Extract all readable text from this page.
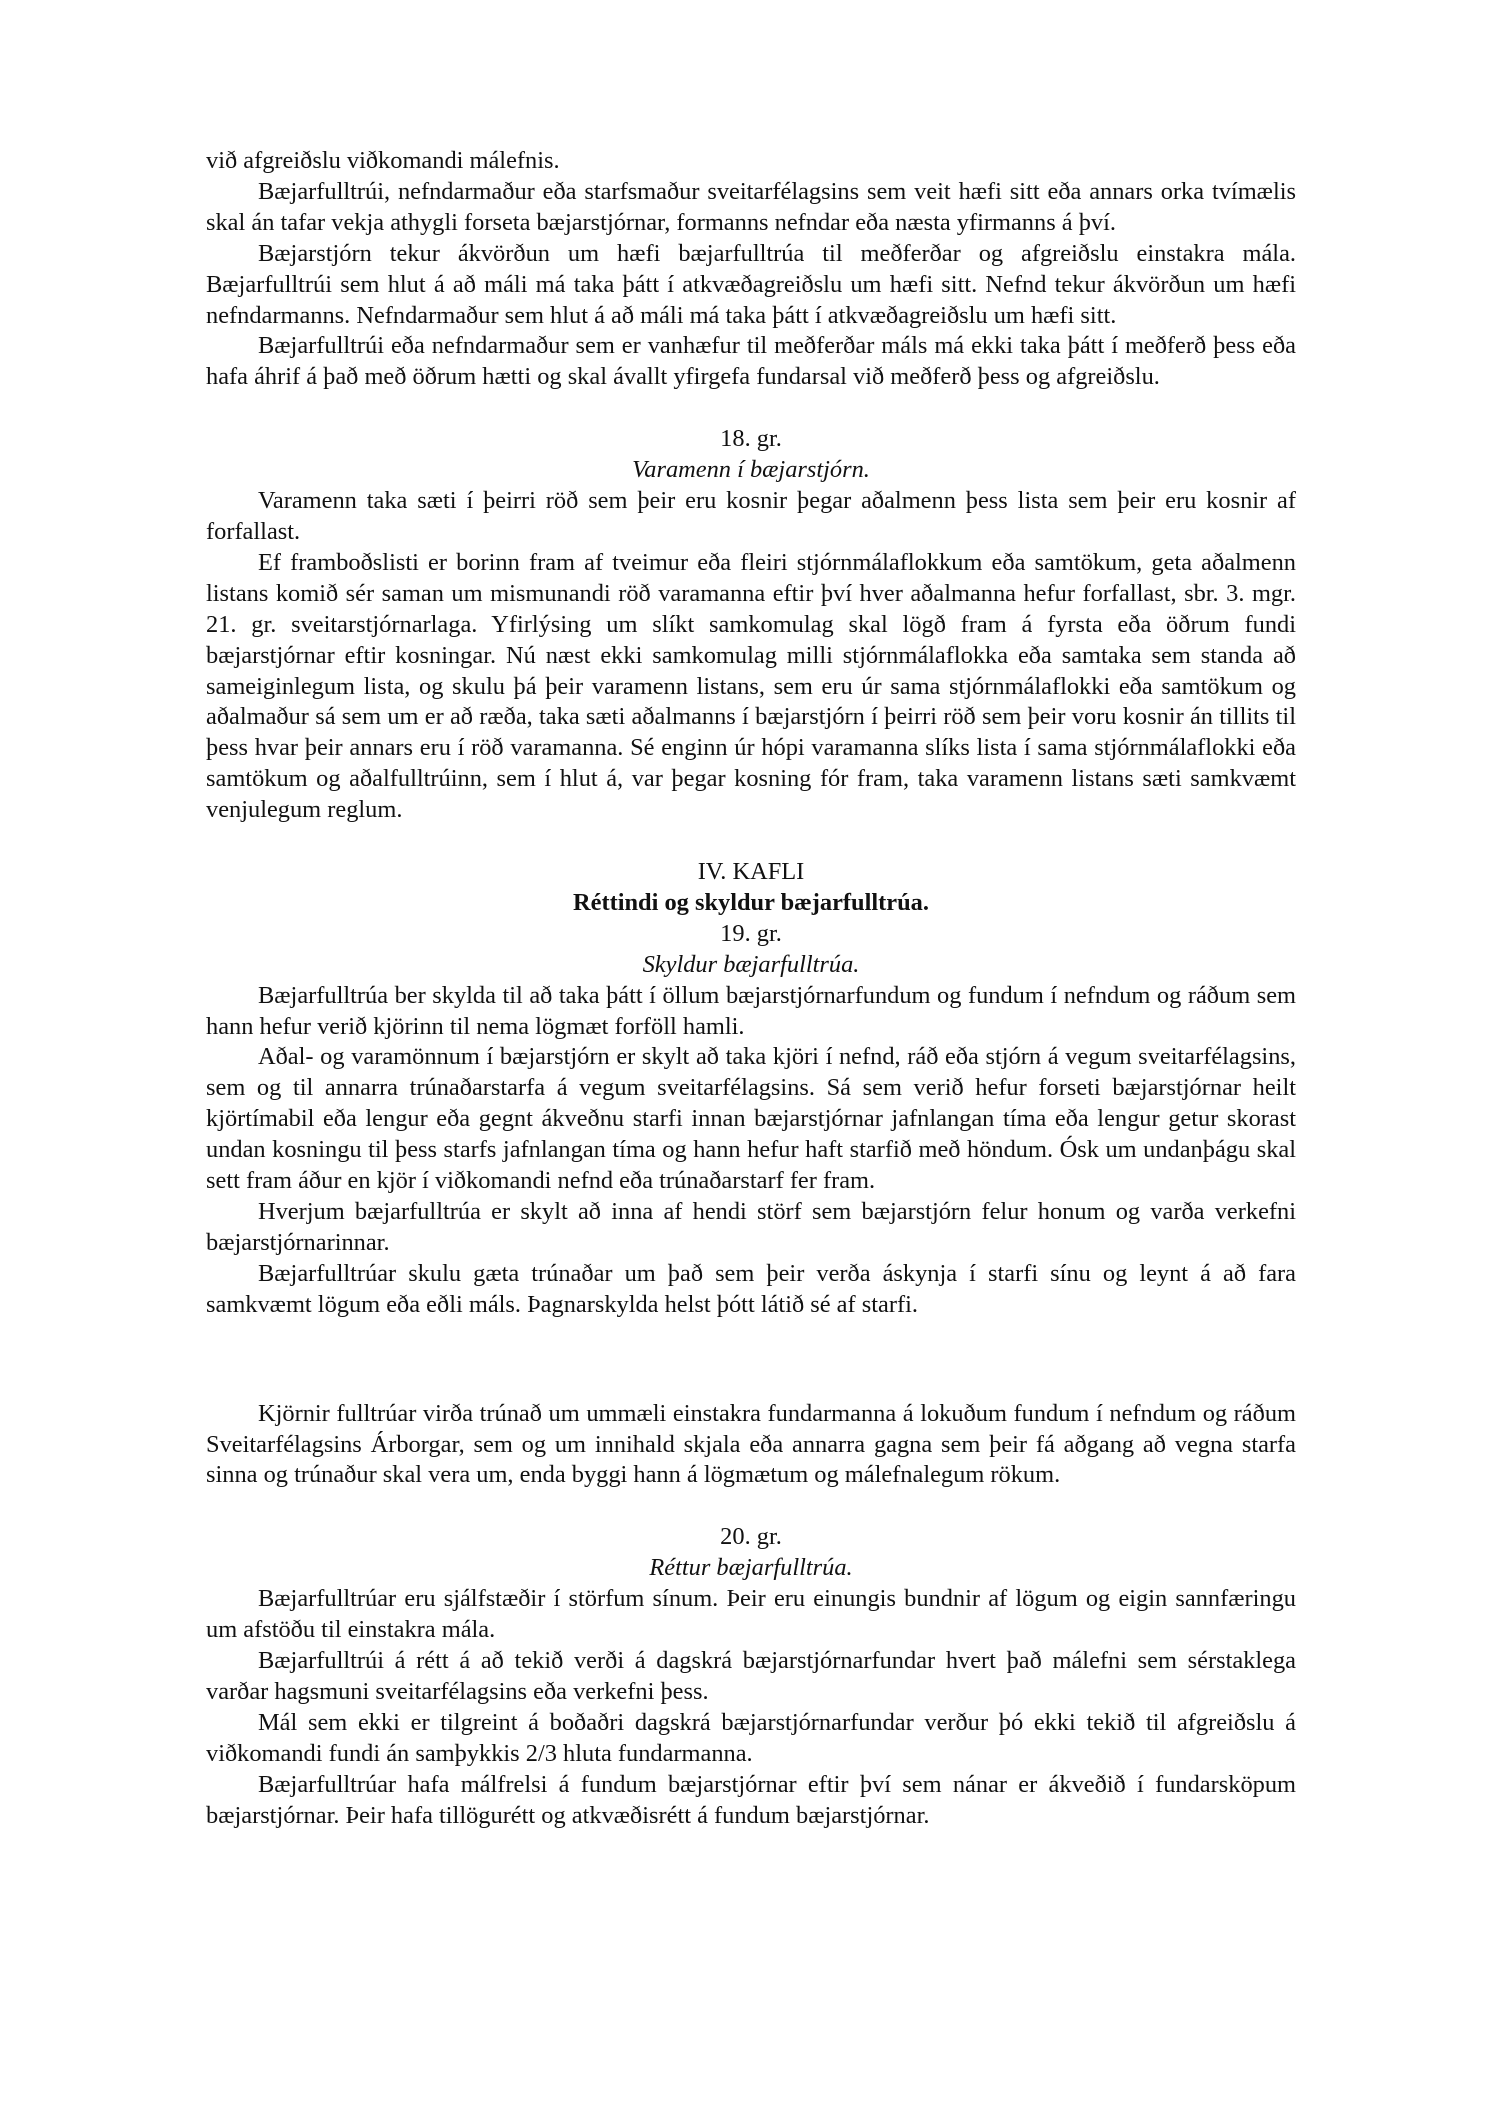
við afgreiðslu viðkomandi málefnis.

Bæjarfulltrúi, nefndarmaður eða starfsmaður sveitarfélagsins sem veit hæfi sitt eða annars orka tvímælis skal án tafar vekja athygli forseta bæjarstjórnar, formanns nefndar eða næsta yfirmanns á því.

Bæjarstjórn tekur ákvörðun um hæfi bæjarfulltrúa til meðferðar og afgreiðslu einstakra mála. Bæjarfulltrúi sem hlut á að máli má taka þátt í atkvæðagreiðslu um hæfi sitt. Nefnd tekur ákvörðun um hæfi nefndarmanns. Nefndarmaður sem hlut á að máli má taka þátt í atkvæðagreiðslu um hæfi sitt.

Bæjarfulltrúi eða nefndarmaður sem er vanhæfur til meðferðar máls má ekki taka þátt í meðferð þess eða hafa áhrif á það með öðrum hætti og skal ávallt yfirgefa fundarsal við meðferð þess og afgreiðslu.

18. gr.

Varamenn í bæjarstjórn.

Varamenn taka sæti í þeirri röð sem þeir eru kosnir þegar aðalmenn þess lista sem þeir eru kosnir af forfallast.

Ef framboðslisti er borinn fram af tveimur eða fleiri stjórnmálaflokkum eða samtökum, geta aðalmenn listans komið sér saman um mismunandi röð varamanna eftir því hver aðalmanna hefur forfallast, sbr. 3. mgr. 21. gr. sveitarstjórnarlaga. Yfirlýsing um slíkt samkomulag skal lögð fram á fyrsta eða öðrum fundi bæjarstjórnar eftir kosningar. Nú næst ekki samkomulag milli stjórnmálaflokka eða samtaka sem standa að sameiginlegum lista, og skulu þá þeir varamenn listans, sem eru úr sama stjórnmálaflokki eða samtökum og aðalmaður sá sem um er að ræða, taka sæti aðalmanns í bæjarstjórn í þeirri röð sem þeir voru kosnir án tillits til þess hvar þeir annars eru í röð varamanna. Sé enginn úr hópi varamanna slíks lista í sama stjórnmálaflokki eða samtökum og aðalfulltrúinn, sem í hlut á, var þegar kosning fór fram, taka varamenn listans sæti samkvæmt venjulegum reglum.

IV. KAFLI

Réttindi og skyldur bæjarfulltrúa.

19. gr.

Skyldur bæjarfulltrúa.

Bæjarfulltrúa ber skylda til að taka þátt í öllum bæjarstjórnarfundum og fundum í nefndum og ráðum sem hann hefur verið kjörinn til nema lögmæt forföll hamli.

Aðal- og varamönnum í bæjarstjórn er skylt að taka kjöri í nefnd, ráð eða stjórn á vegum sveitarfélagsins, sem og til annarra trúnaðarstarfa á vegum sveitarfélagsins. Sá sem verið hefur forseti bæjarstjórnar heilt kjörtímabil eða lengur eða gegnt ákveðnu starfi innan bæjarstjórnar jafnlangan tíma eða lengur getur skorast undan kosningu til þess starfs jafnlangan tíma og hann hefur haft starfið með höndum. Ósk um undanþágu skal sett fram áður en kjör í viðkomandi nefnd eða trúnaðarstarf fer fram.

Hverjum bæjarfulltrúa er skylt að inna af hendi störf sem bæjarstjórn felur honum og varða verkefni bæjarstjórnarinnar.

Bæjarfulltrúar skulu gæta trúnaðar um það sem þeir verða áskynja í starfi sínu og leynt á að fara samkvæmt lögum eða eðli máls. Þagnarskylda helst þótt látið sé af starfi.

Kjörnir fulltrúar virða trúnað um ummæli einstakra fundarmanna á lokuðum fundum í nefndum og ráðum Sveitarfélagsins Árborgar, sem og um innihald skjala eða annarra gagna sem þeir fá aðgang að vegna starfa sinna og trúnaður skal vera um, enda byggi hann á lögmætum og málefnalegum rökum.

20. gr.

Réttur bæjarfulltrúa.

Bæjarfulltrúar eru sjálfstæðir í störfum sínum. Þeir eru einungis bundnir af lögum og eigin sannfæringu um afstöðu til einstakra mála.

Bæjarfulltrúi á rétt á að tekið verði á dagskrá bæjarstjórnarfundar hvert það málefni sem sérstaklega varðar hagsmuni sveitarfélagsins eða verkefni þess.

Mál sem ekki er tilgreint á boðaðri dagskrá bæjarstjórnarfundar verður þó ekki tekið til afgreiðslu á viðkomandi fundi án samþykkis 2/3 hluta fundarmanna.

Bæjarfulltrúar hafa málfrelsi á fundum bæjarstjórnar eftir því sem nánar er ákveðið í fundarsköpum bæjarstjórnar. Þeir hafa tillögurétt og atkvæðisrétt á fundum bæjarstjórnar.
